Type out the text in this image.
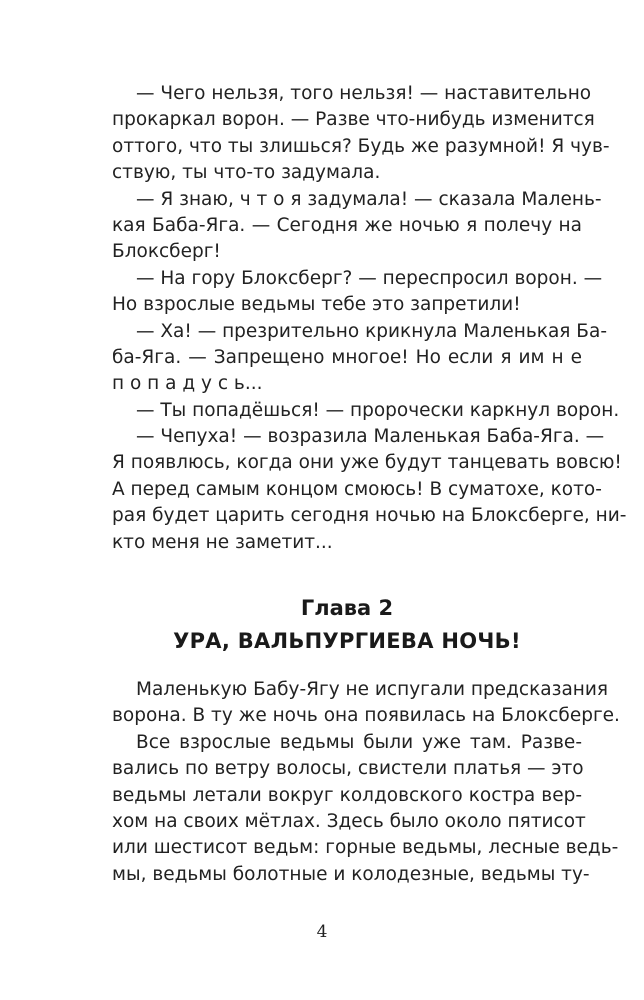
— Чего нельзя, того нельзя! — наставительно
прокаркал ворон. — Разве что-нибудь изменится
оттого, что ты злишься? Будь же разумной! Я чув-
ствую, ты что-то задумала.
— Я знаю, ч т о я задумала! — сказала Малень-
кая Баба-Яга. — Сегодня же ночью я полечу на
Блоксберг!
— На гору Блоксберг? — переспросил ворон. —
Но взрослые ведьмы тебе это запретили!
— Ха! — презрительно крикнула Маленькая Ба-
ба-Яга. — Запрещено многое! Но если я им н е
п о п а д у с ь...
— Ты попадёшься! — пророчески каркнул ворон.
— Чепуха! — возразила Маленькая Баба-Яга. —
Я появлюсь, когда они уже будут танцевать вовсю!
А перед самым концом смоюсь! В суматохе, кото-
рая будет царить сегодня ночью на Блоксберге, ни-
кто меня не заметит...
Глава 2
УРА, ВАЛЬПУРГИЕВА НОЧЬ!
Маленькую Бабу-Ягу не испугали предсказания
ворона. В ту же ночь она появилась на Блоксберге.
Все взрослые ведьмы были уже там. Разве-
вались по ветру волосы, свистели платья — это
ведьмы летали вокруг колдовского костра вер-
хом на своих мётлах. Здесь было около пятисот
или шестисот ведьм: горные ведьмы, лесные ведь-
мы, ведьмы болотные и колодезные, ведьмы ту-
4
